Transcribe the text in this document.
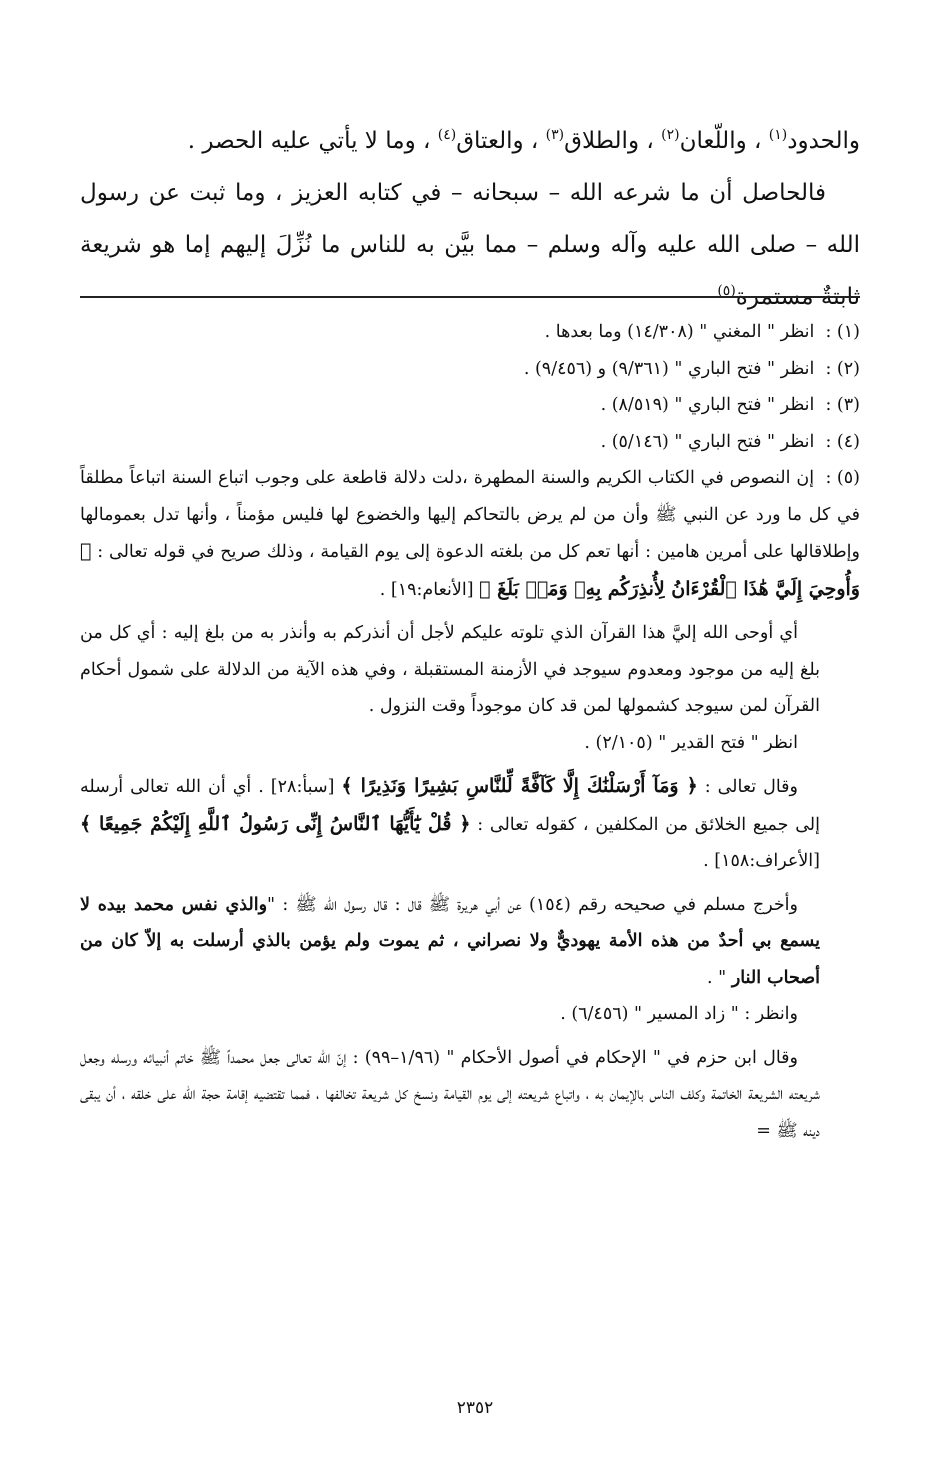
والحدود$^{(١)}$ ، واللّعان$^{(٢)}$ ، والطلاق$^{(٣)}$ ، والعتاق$^{(٤)}$ ، وما لا يأتي عليه الحصر .

فالحاصل أن ما شرعه الله – سبحانه – في كتابه العزيز ، وما ثبت عن رسول الله – صلى الله عليه وآله وسلم – مما بيَّن به للناس ما نُزِّلَ إليهم إما هو شريعة ثابتةٌ مستمرة$^{(٥)}$

(١) : انظر " المغني " (١٤/٣٠٨) وما بعدها .

(٢) : انظر " فتح الباري " (٩/٣٦١) و (٩/٤٥٦) .

(٣) : انظر " فتح الباري " (٨/٥١٩) .

(٤) : انظر " فتح الباري " (٥/١٤٦) .

(٥) : إن النصوص في الكتاب الكريم والسنة المطهرة ،دلت دلالة قاطعة على وجوب اتباع السنة اتباعاً مطلقاً في كل ما ورد عن النبي ﷺ وأن من لم يرض بالتحاكم إليها والخضوع لها فليس مؤمناً ، وأنها تدل بعمومالها وإطلاقالها على أمرين هامين : أنها تعم كل من بلغته الدعوة إلى يوم القيامة ، وذلك صريح في قوله تعالى : ﴿ وَأُوحِيَ إِلَيَّ هَٰذَا ٱلْقُرْءَانُ لِأُنذِرَكُم بِهِۦ وَمَنۢ بَلَغَ ﴾ [الأنعام:١٩] .

أي أوحى الله إليَّ هذا القرآن الذي تلوته عليكم لأجل أن أنذركم به وأنذر به من بلغ إليه : أي كل من بلغ إليه من موجود ومعدوم سيوجد في الأزمنة المستقبلة ، وفي هذه الآية من الدلالة على شمول أحكام القرآن لمن سيوجد كشمولها لمن قد كان موجوداً وقت النزول .

انظر " فتح القدير " (٢/١٠٥) .

وقال تعالى : ﴿ وَمَآ أَرْسَلْنَٰكَ إِلَّا كَآفَّةً لِّلنَّاسِ بَشِيرًا وَنَذِيرًا ﴾ [سبأ:٢٨] . أي أن الله تعالى أرسله إلى جميع الخلائق من المكلفين ، كقوله تعالى : ﴿ قُلْ يَٰٓأَيُّهَا ٱلنَّاسُ إِنِّى رَسُولُ ٱللَّهِ إِلَيْكُمْ جَمِيعًا ﴾ [الأعراف:١٥٨] .

وأخرج مسلم في صحيحه رقم (١٥٤) عن أبي هريرة ﷺ قال : قال رسول الله ﷺ : "والذي نفس محمد بيده لا يسمع بي أحدٌ من هذه الأمة يهوديٌّ ولا نصراني ، ثم يموت ولم يؤمن بالذي أرسلت به إلاّ كان من أصحاب النار " .

وانظر : " زاد المسير " (٦/٤٥٦) .

وقال ابن حزم في " الإحكام في أصول الأحكام " (١/٩٦–٩٩) : إنّ الله تعالى جعل محمداً ﷺ خاتم أنبيائه ورسله وجعل شريعته الشريعة الخاتمة وكلف الناس بالإيمان به ، واتباع شريعته إلى يوم القيامة ونسخ كل شريعة تخالفها ، فمما تقتضيه إقامة حجة الله على خلقه ، أن يبقى دينه ﷺ =

٢٣٥٢
